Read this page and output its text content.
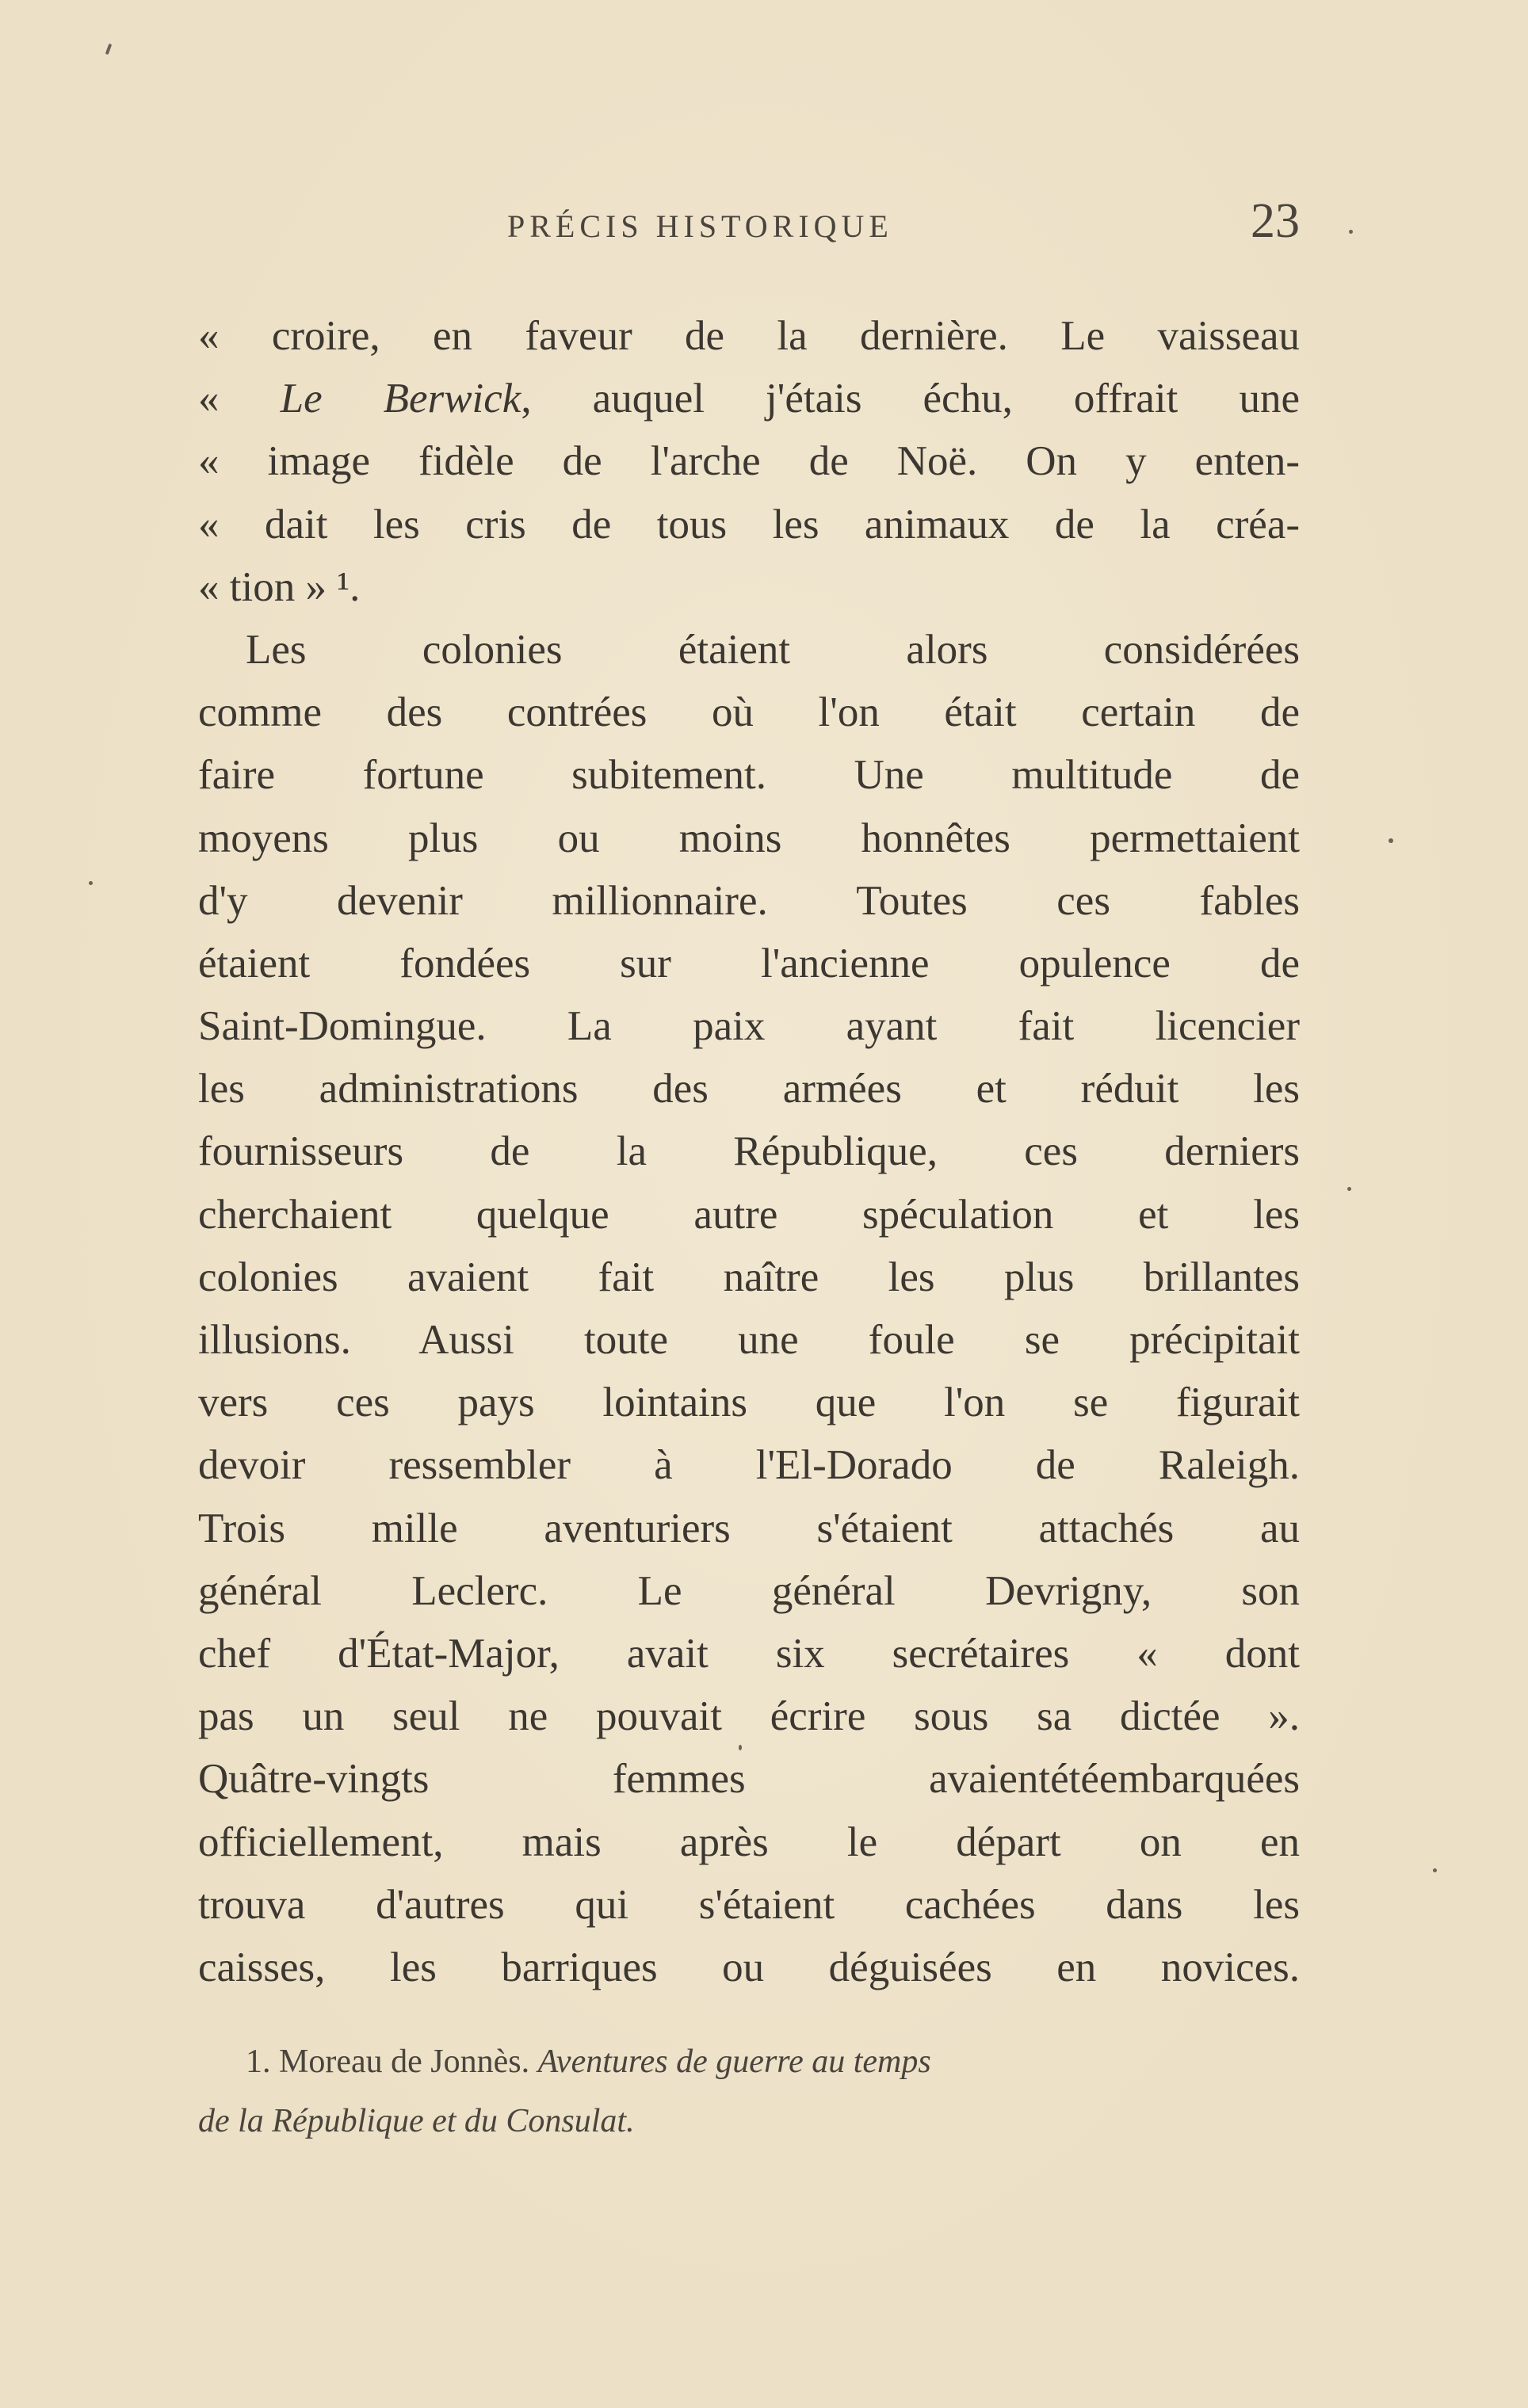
PRÉCIS HISTORIQUE	23
« croire, en faveur de la dernière. Le vaisseau
« Le Berwick, auquel j'étais échu, offrait une
« image fidèle de l'arche de Noë. On y enten-
« dait les cris de tous les animaux de la créa-
« tion » ¹.
Les colonies étaient alors considérées
comme des contrées où l'on était certain de
faire fortune subitement. Une multitude de
moyens plus ou moins honnêtes permettaient
d'y devenir millionnaire. Toutes ces fables
étaient fondées sur l'ancienne opulence de
Saint-Domingue. La paix ayant fait licencier
les administrations des armées et réduit les
fournisseurs de la République, ces derniers
cherchaient quelque autre spéculation et les
colonies avaient fait naître les plus brillantes
illusions. Aussi toute une foule se précipitait
vers ces pays lointains que l'on se figurait
devoir ressembler à l'El-Dorado de Raleigh.
Trois mille aventuriers s'étaient attachés au
général Leclerc. Le général Devrigny, son
chef d'État-Major, avait six secrétaires « dont
pas un seul ne pouvait écrire sous sa dictée ».
Quâtre-vingts femmes avaientétéembarquées
officiellement, mais après le départ on en
trouva d'autres qui s'étaient cachées dans les
caisses, les barriques ou déguisées en novices.
1. Moreau de Jonnès. Aventures de guerre au temps
de la République et du Consulat.
